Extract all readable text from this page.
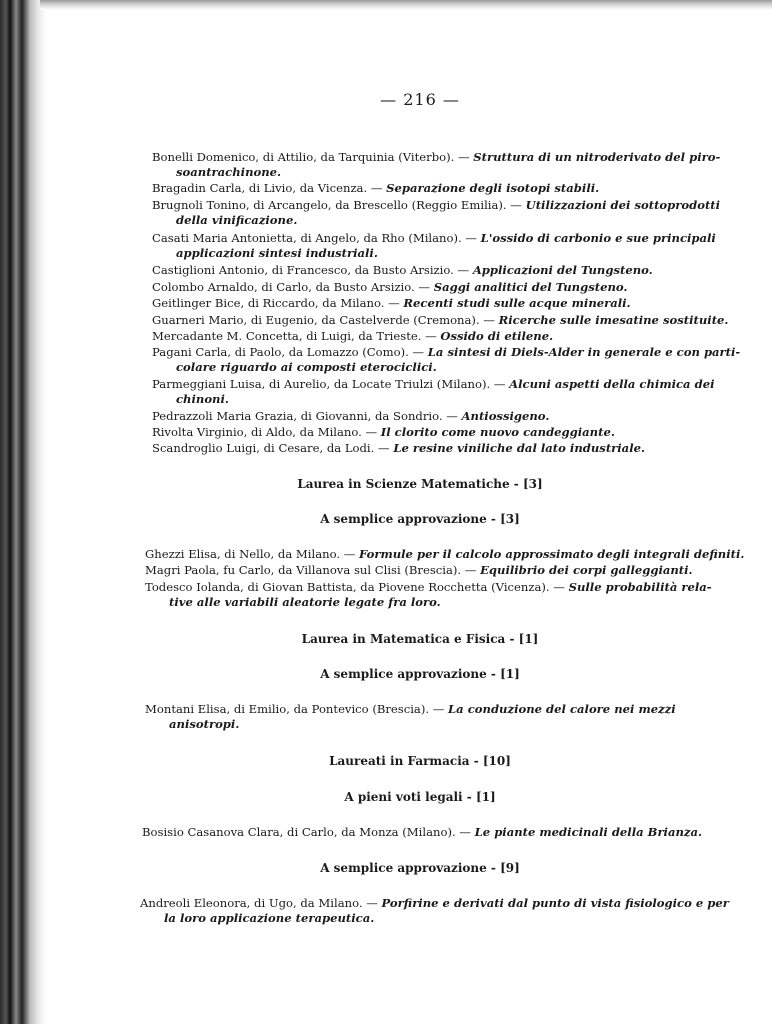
— 216 —
Bonelli Domenico, di Attilio, da Tarquinia (Viterbo). — Struttura di un nitroderivato del piro-
soantrachinone.
Bragadin Carla, di Livio, da Vicenza. — Separazione degli isotopi stabili.
Brugnoli Tonino, di Arcangelo, da Brescello (Reggio Emilia). — Utilizzazioni dei sottoprodotti
della vinificazione.
Casati Maria Antonietta, di Angelo, da Rho (Milano). — L'ossido di carbonio e sue principali
applicazioni sintesi industriali.
Castiglioni Antonio, di Francesco, da Busto Arsizio. — Applicazioni del Tungsteno.
Colombo Arnaldo, di Carlo, da Busto Arsizio. — Saggi analitici del Tungsteno.
Geitlinger Bice, di Riccardo, da Milano. — Recenti studi sulle acque minerali.
Guarneri Mario, di Eugenio, da Castelverde (Cremona). — Ricerche sulle imesatine sostituite.
Mercadante M. Concetta, di Luigi, da Trieste. — Ossido di etilene.
Pagani Carla, di Paolo, da Lomazzo (Como). — La sintesi di Diels-Alder in generale e con parti-
colare riguardo ai composti eterociclici.
Parmeggiani Luisa, di Aurelio, da Locate Triulzi (Milano). — Alcuni aspetti della chimica dei
chinoni.
Pedrazzoli Maria Grazia, di Giovanni, da Sondrio. — Antiossigeno.
Rivolta Virginio, di Aldo, da Milano. — Il clorito come nuovo candeggiante.
Scandroglio Luigi, di Cesare, da Lodi. — Le resine viniliche dal lato industriale.
Laurea in Scienze Matematiche - [3]
A semplice approvazione - [3]
Ghezzi Elisa, di Nello, da Milano. — Formule per il calcolo approssimato degli integrali definiti.
Magri Paola, fu Carlo, da Villanova sul Clisi (Brescia). — Equilibrio dei corpi galleggianti.
Todesco Iolanda, di Giovan Battista, da Piovene Rocchetta (Vicenza). — Sulle probabilità rela-
tive alle variabili aleatorie legate fra loro.
Laurea in Matematica e Fisica - [1]
A semplice approvazione - [1]
Montani Elisa, di Emilio, da Pontevico (Brescia). — La conduzione del calore nei mezzi
anisotropi.
Laureati in Farmacia - [10]
A pieni voti legali - [1]
Bosisio Casanova Clara, di Carlo, da Monza (Milano). — Le piante medicinali della Brianza.
A semplice approvazione - [9]
Andreoli Eleonora, di Ugo, da Milano. — Porfirine e derivati dal punto di vista fisiologico e per
la loro applicazione terapeutica.
